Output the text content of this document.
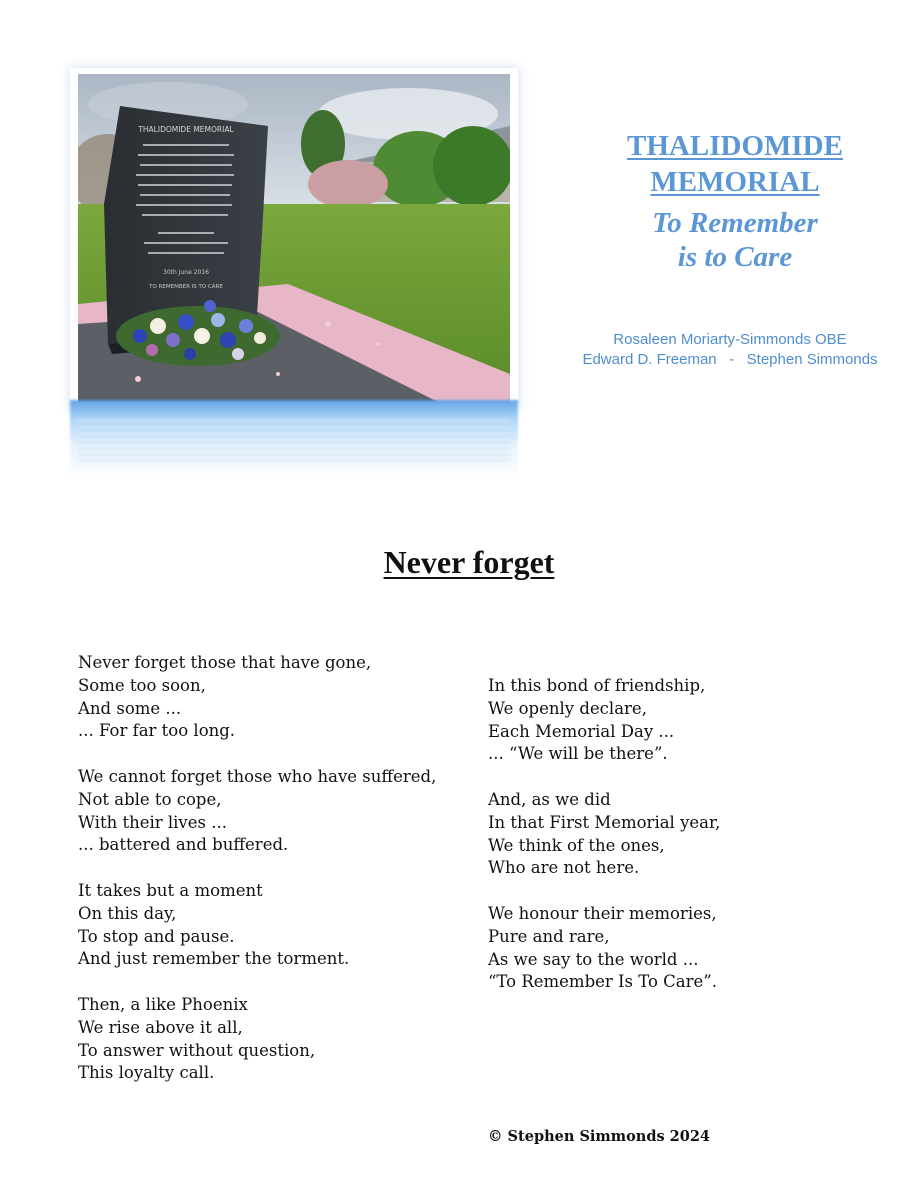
THALIDOMIDE MEMORIAL
30th June 2016
TO REMEMBER IS TO CARE
THALIDOMIDE
MEMORIAL
To Remember
is to Care
Rosaleen Moriarty-Simmonds OBE
Edward D. Freeman   -   Stephen Simmonds
Never forget
Never forget those that have gone,
Some too soon,
And some ...
... For far too long.
We cannot forget those who have suffered,
Not able to cope,
With their lives ...
... battered and buffered.
It takes but a moment
On this day,
To stop and pause.
And just remember the torment.
Then, a like Phoenix
We rise above it all,
To answer without question,
This loyalty call.
In this bond of friendship,
We openly declare,
Each Memorial Day ...
... “We will be there”.
And, as we did
In that First Memorial year,
We think of the ones,
Who are not here.
We honour their memories,
Pure and rare,
As we say to the world ...
“To Remember Is To Care”.
© Stephen Simmonds 2024
